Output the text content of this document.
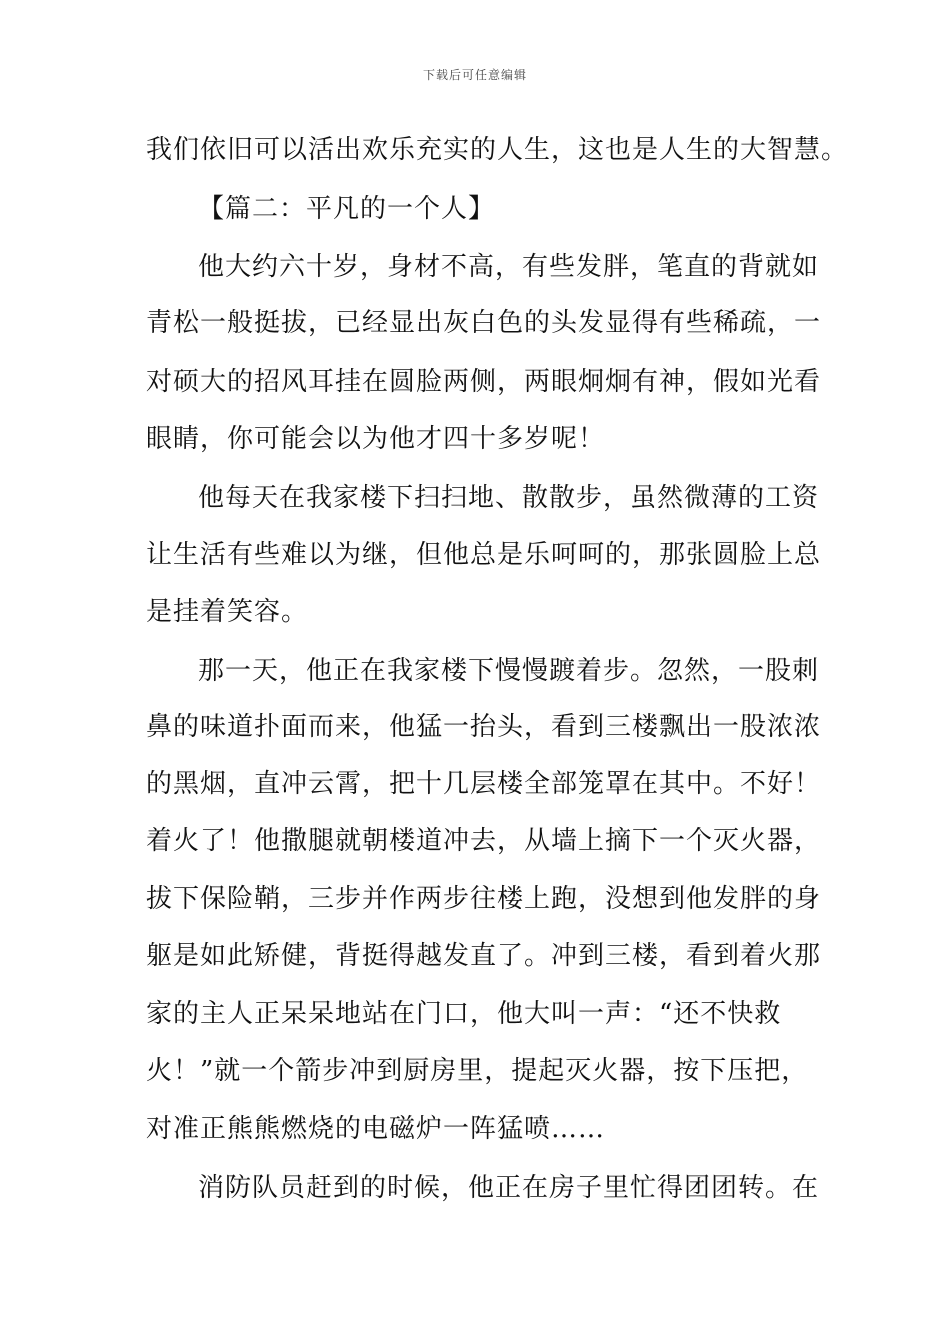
下载后可任意编辑
我们依旧可以活出欢乐充实的人生，这也是人生的大智慧。
【篇二：平凡的一个人】
他大约六十岁，身材不高，有些发胖，笔直的背就如
青松一般挺拔，已经显出灰白色的头发显得有些稀疏，一
对硕大的招风耳挂在圆脸两侧，两眼炯炯有神，假如光看
眼睛，你可能会以为他才四十多岁呢！
他每天在我家楼下扫扫地、散散步，虽然微薄的工资
让生活有些难以为继，但他总是乐呵呵的，那张圆脸上总
是挂着笑容。
那一天，他正在我家楼下慢慢踱着步。忽然，一股刺
鼻的味道扑面而来，他猛一抬头，看到三楼飘出一股浓浓
的黑烟，直冲云霄，把十几层楼全部笼罩在其中。不好！
着火了！他撒腿就朝楼道冲去，从墙上摘下一个灭火器，
拔下保险鞘，三步并作两步往楼上跑，没想到他发胖的身
躯是如此矫健，背挺得越发直了。冲到三楼，看到着火那
家的主人正呆呆地站在门口，他大叫一声：“还不快救
火！”就一个箭步冲到厨房里，提起灭火器，按下压把，
对准正熊熊燃烧的电磁炉一阵猛喷……
消防队员赶到的时候，他正在房子里忙得团团转。在
